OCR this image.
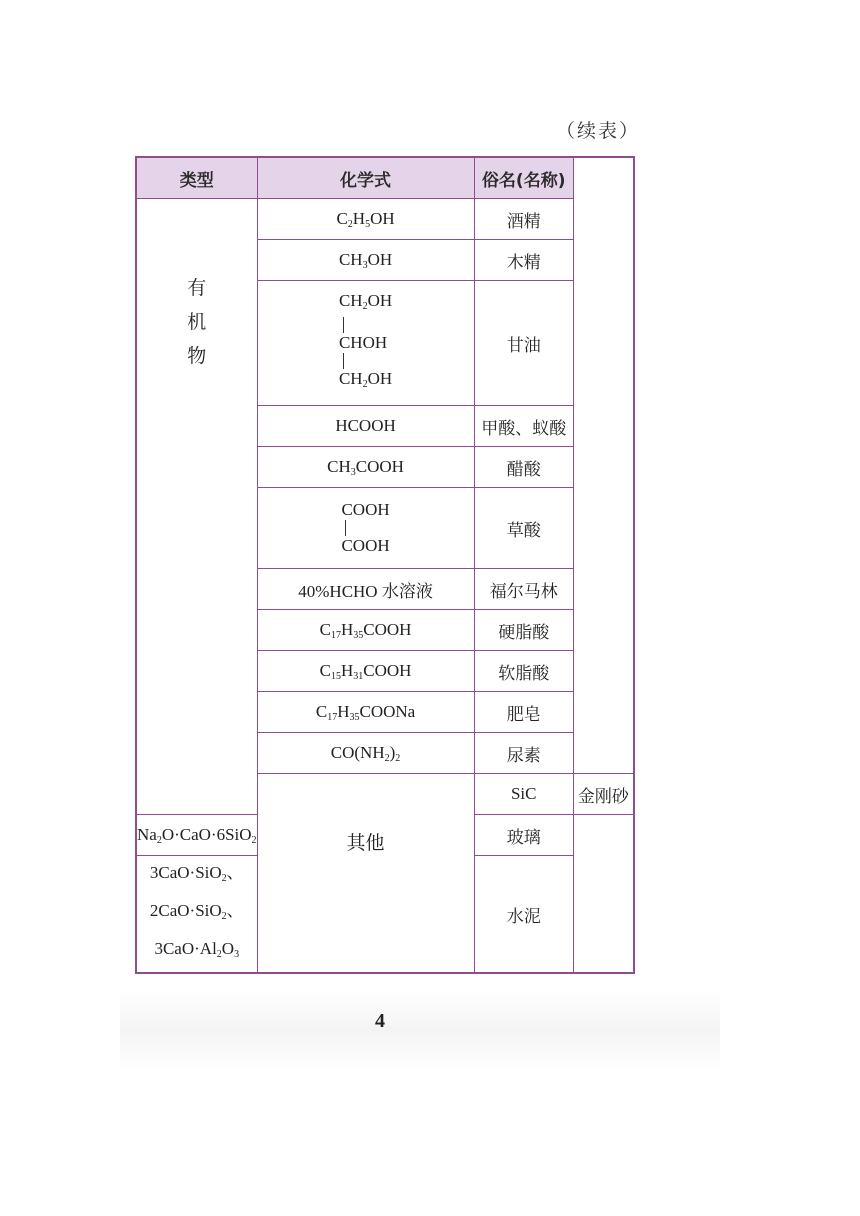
（续表）
类型	化学式	俗名(名称)	
有机物	$C_2H_5OH$	酒精	
	$CH_3OH$	木精	

	$CH_2OH$
CHOH
$CH_2OH$	甘油	
	HCOOH	甲酸、蚁酸	
	$CH_3COOH$	醋酸	

	COOH
COOH	草酸	
	40%HCHO 水溶液	福尔马林	
	$C_{17}H_{35}COOH$	硬脂酸	
	$C_{15}H_{31}COOH$	软脂酸	
	$C_{17}H_{35}COONa$	肥皂	
	$CO(NH_2)_2$	尿素	
	其他	SiC	金刚砂
$Na_2O\cdot CaO\cdot 6SiO_2$		玻璃	
3CaO·SiO$_2$、
2CaO·SiO$_2$、
$3CaO\cdot Al_2O_3$		水泥	
4
